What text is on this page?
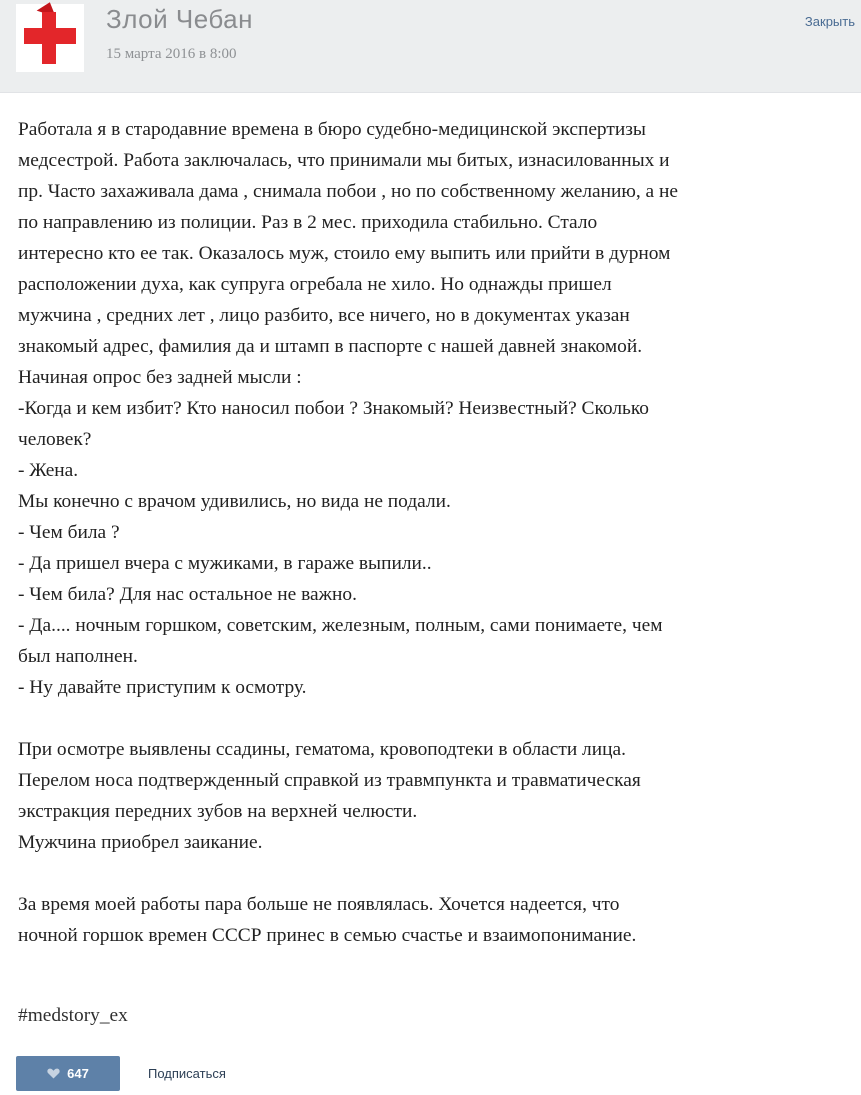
Злой Чебан
15 марта 2016 в 8:00
Закрыть
Работала я в стародавние времена в бюро судебно-медицинской экспертизы
медсестрой. Работа заключалась, что принимали мы битых, изнасилованных и
пр. Часто захаживала дама , снимала побои , но по собственному желанию, а не
по направлению из полиции. Раз в 2 мес. приходила стабильно. Стало
интересно кто ее так. Оказалось муж, стоило ему выпить или прийти в дурном
расположении духа, как супруга огребала не хило. Но однажды пришел
мужчина , средних лет , лицо разбито, все ничего, но в документах указан
знакомый адрес, фамилия да и штамп в паспорте с нашей давней знакомой.
Начиная опрос без задней мысли :
-Когда и кем избит? Кто наносил побои ? Знакомый? Неизвестный? Сколько
человек?
- Жена.
Мы конечно с врачом удивились, но вида не подали.
- Чем била ?
- Да пришел вчера с мужиками, в гараже выпили..
- Чем била? Для нас остальное не важно.
- Да.... ночным горшком, советским, железным, полным, сами понимаете, чем
был наполнен.
- Ну давайте приступим к осмотру.
При осмотре выявлены ссадины, гематома, кровоподтеки в области лица.
Перелом носа подтвержденный справкой из травмпункта и травматическая
экстракция передних зубов на верхней челюсти.
Мужчина приобрел заикание.
За время моей работы пара больше не появлялась. Хочется надеется, что
ночной горшок времен СССР принес в семью счастье и взаимопонимание.
#medstory_ex
647	Подписаться
